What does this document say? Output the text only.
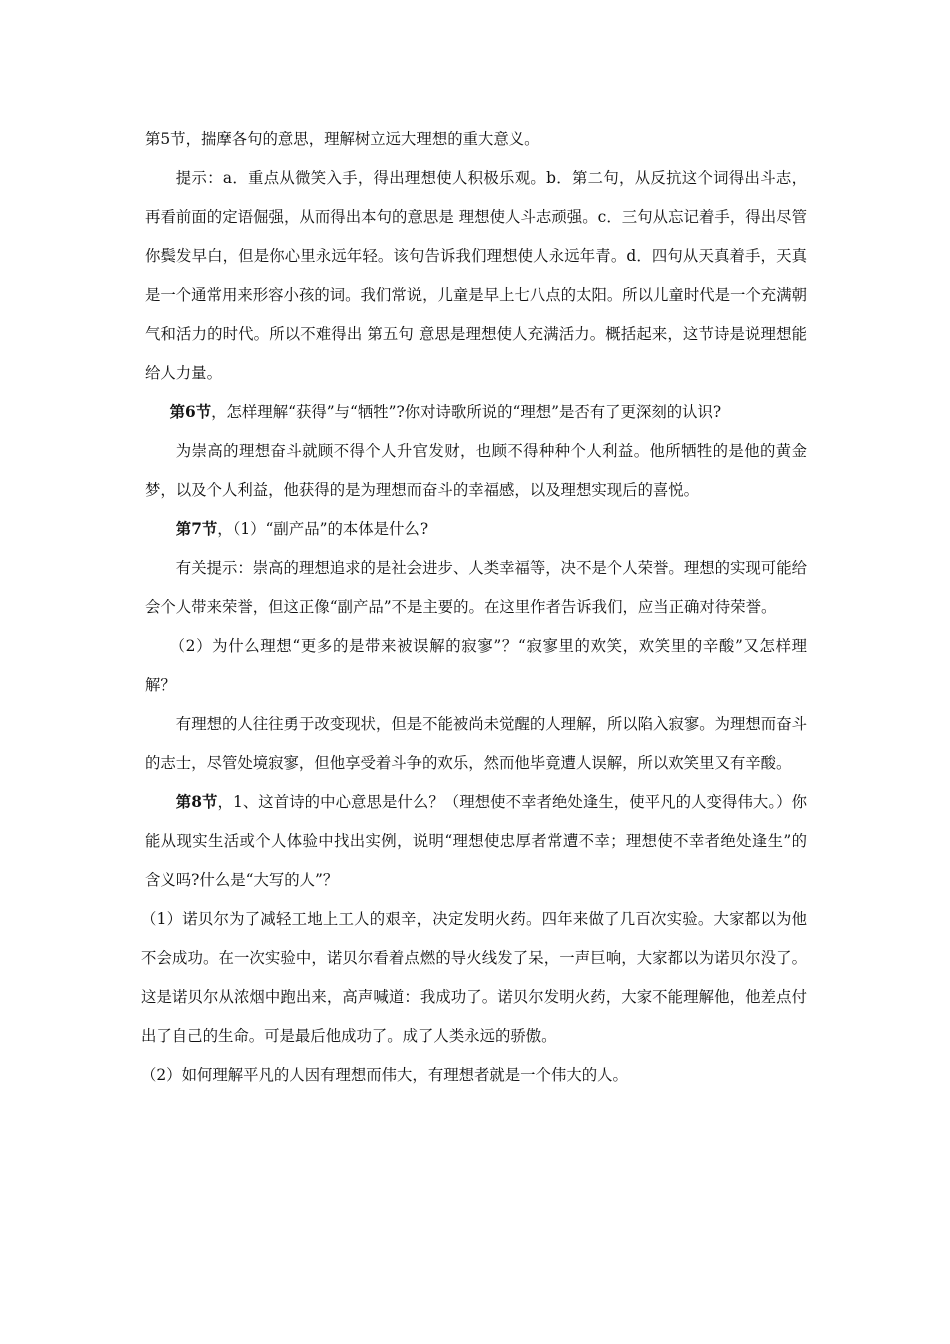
第5节，揣摩各句的意思，理解树立远大理想的重大意义。

提示：a．重点从微笑入手，得出理想使人积极乐观。b．第二句，从反抗这个词得出斗志，再看前面的定语倔强，从而得出本句的意思是 理想使人斗志顽强。c．三句从忘记着手，得出尽管你鬓发早白，但是你心里永远年轻。该句告诉我们理想使人永远年青。d．四句从天真着手，天真是一个通常用来形容小孩的词。我们常说，儿童是早上七八点的太阳。所以儿童时代是一个充满朝气和活力的时代。所以不难得出 第五句 意思是理想使人充满活力。概括起来，这节诗是说理想能给人力量。

第6节，怎样理解“获得”与“牺牲”?你对诗歌所说的“理想”是否有了更深刻的认识?

为崇高的理想奋斗就顾不得个人升官发财，也顾不得种种个人利益。他所牺牲的是他的黄金梦，以及个人利益，他获得的是为理想而奋斗的幸福感，以及理想实现后的喜悦。

第7节，（1）“副产品”的本体是什么?

有关提示：崇高的理想追求的是社会进步、人类幸福等，决不是个人荣誉。理想的实现可能给会个人带来荣誉，但这正像“副产品”不是主要的。在这里作者告诉我们，应当正确对待荣誉。

（2）为什么理想“更多的是带来被误解的寂寥”？“寂寥里的欢笑，欢笑里的辛酸”又怎样理解？

有理想的人往往勇于改变现状，但是不能被尚未觉醒的人理解，所以陷入寂寥。为理想而奋斗的志士，尽管处境寂寥，但他享受着斗争的欢乐，然而他毕竟遭人误解，所以欢笑里又有辛酸。

第8节，1、这首诗的中心意思是什么？（理想使不幸者绝处逢生，使平凡的人变得伟大。）你能从现实生活或个人体验中找出实例，说明“理想使忠厚者常遭不幸；理想使不幸者绝处逢生”的含义吗?什么是“大写的人”？

（1）诺贝尔为了减轻工地上工人的艰辛，决定发明火药。四年来做了几百次实验。大家都以为他不会成功。在一次实验中，诺贝尔看着点燃的导火线发了呆，一声巨响，大家都以为诺贝尔没了。这是诺贝尔从浓烟中跑出来，高声喊道：我成功了。诺贝尔发明火药，大家不能理解他，他差点付出了自己的生命。可是最后他成功了。成了人类永远的骄傲。

（2）如何理解平凡的人因有理想而伟大，有理想者就是一个伟大的人。
